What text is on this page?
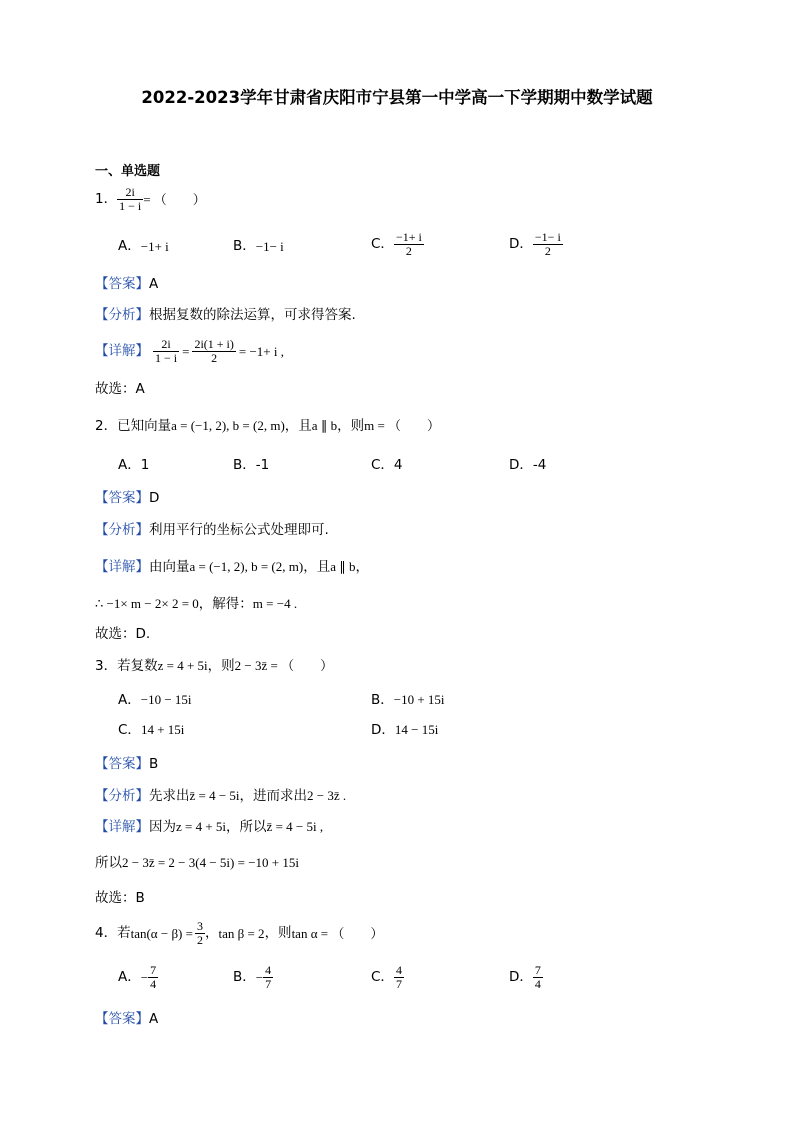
2022-2023学年甘肃省庆阳市宁县第一中学高一下学期期中数学试题
一、单选题
1． $\frac{2i}{1 - i}$ = （　　）
A． −1+ i	B． −1− i	C． $\frac{-1+ i}{2}$	D． $\frac{-1- i}{2}$
【答案】A
【分析】根据复数的除法运算，可求得答案.
【详解】 $\frac{2i}{1 - i} = \frac{2i(1 + i)}{2} = -1+ i$ ,
故选：A
2．已知向量a = (−1, 2), b = (2, m)，且a ∥ b，则m = （　　）
A．1	B．-1	C．4	D．-4
【答案】D
【分析】利用平行的坐标公式处理即可.
【详解】由向量a = (−1, 2), b = (2, m)，且a ∥ b，
∴ −1× m − 2× 2 = 0，解得：m = −4 .
故选：D.
3．若复数z = 4 + 5i，则2 − 3z̄ = （　　）
A．−10 − 15i	B．−10 + 15i
C．14 + 15i	D．14 − 15i
【答案】B
【分析】先求出z̄ = 4 − 5i，进而求出2 − 3z̄ .
【详解】因为z = 4 + 5i，所以z̄ = 4 − 5i ,
所以2 − 3z̄ = 2 − 3(4 − 5i) = −10 + 15i
故选：B
4． 若 $\tan(\alpha - \beta) = \frac{3}{2}$ ， tan β = 2 ，则 tan α = （　　）
A． − $\frac{7}{4}$	B． − $\frac{4}{7}$	C． $\frac{4}{7}$	D． $\frac{7}{4}$
【答案】A
